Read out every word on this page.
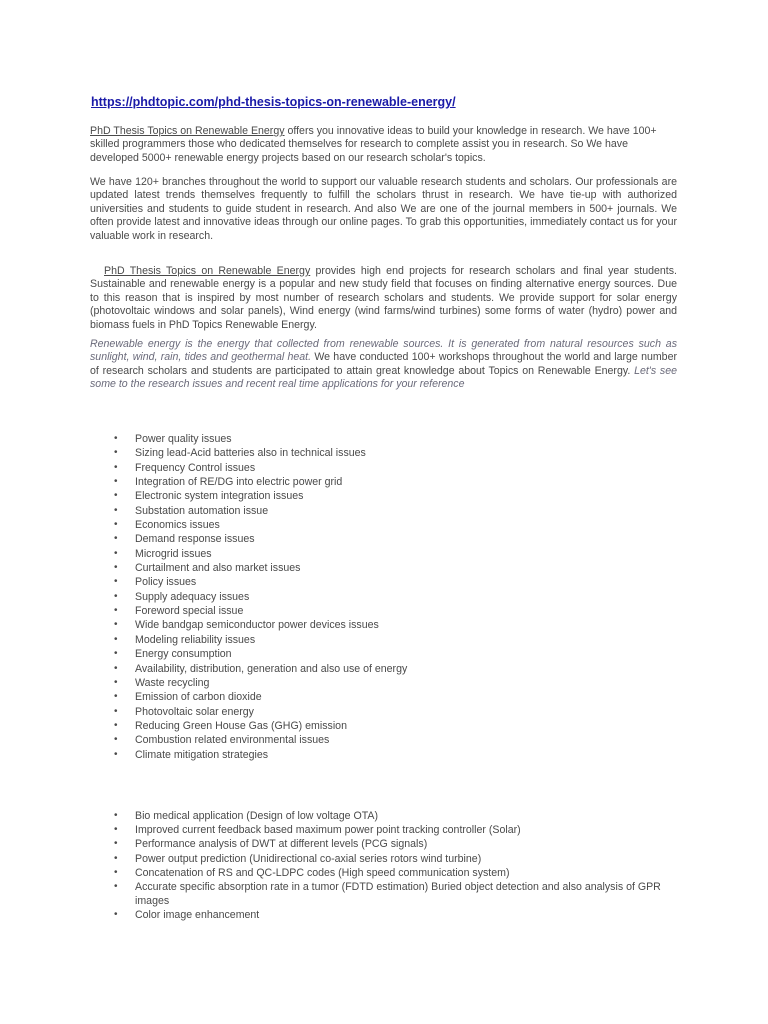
https://phdtopic.com/phd-thesis-topics-on-renewable-energy/

PhD Thesis Topics on Renewable Energy offers you innovative ideas to build your knowledge in research. We have 100+ skilled programmers those who dedicated themselves for research to complete assist you in research. So We have developed 5000+ renewable energy projects based on our research scholar's topics.

We have 120+ branches throughout the world to support our valuable research students and scholars. Our professionals are updated latest trends themselves frequently to fulfill the scholars thrust in research. We have tie-up with authorized universities and students to guide student in research. And also We are one of the journal members in 500+ journals. We often provide latest and innovative ideas through our online pages. To grab this opportunities, immediately contact us for your valuable work in research.

PhD Thesis Topics on Renewable Energy provides high end projects for research scholars and final year students. Sustainable and renewable energy is a popular and new study field that focuses on finding alternative energy sources. Due to this reason that is inspired by most number of research scholars and students. We provide support for solar energy (photovoltaic windows and solar panels), Wind energy (wind farms/wind turbines) some forms of water (hydro) power and biomass fuels in PhD Topics Renewable Energy.

Renewable energy is the energy that collected from renewable sources. It is generated from natural resources such as sunlight, wind, rain, tides and geothermal heat. We have conducted 100+ workshops throughout the world and large number of research scholars and students are participated to attain great knowledge about Topics on Renewable Energy. Let's see some to the research issues and recent real time applications for your reference

• Power quality issues
• Sizing lead-Acid batteries also in technical issues
• Frequency Control issues
• Integration of RE/DG into electric power grid
• Electronic system integration issues
• Substation automation issue
• Economics issues
• Demand response issues
• Microgrid issues
• Curtailment and also market issues
• Policy issues
• Supply adequacy issues
• Foreword special issue
• Wide bandgap semiconductor power devices issues
• Modeling reliability issues
• Energy consumption
• Availability, distribution, generation and also use of energy
• Waste recycling
• Emission of carbon dioxide
• Photovoltaic solar energy
• Reducing Green House Gas (GHG) emission
• Combustion related environmental issues
• Climate mitigation strategies
• Bio medical application (Design of low voltage OTA)
• Improved current feedback based maximum power point tracking controller (Solar)
• Performance analysis of DWT at different levels (PCG signals)
• Power output prediction (Unidirectional co-axial series rotors wind turbine)
• Concatenation of RS and QC-LDPC codes (High speed communication system)
• Accurate specific absorption rate in a tumor (FDTD estimation) Buried object detection and also analysis of GPR images
• Color image enhancement
